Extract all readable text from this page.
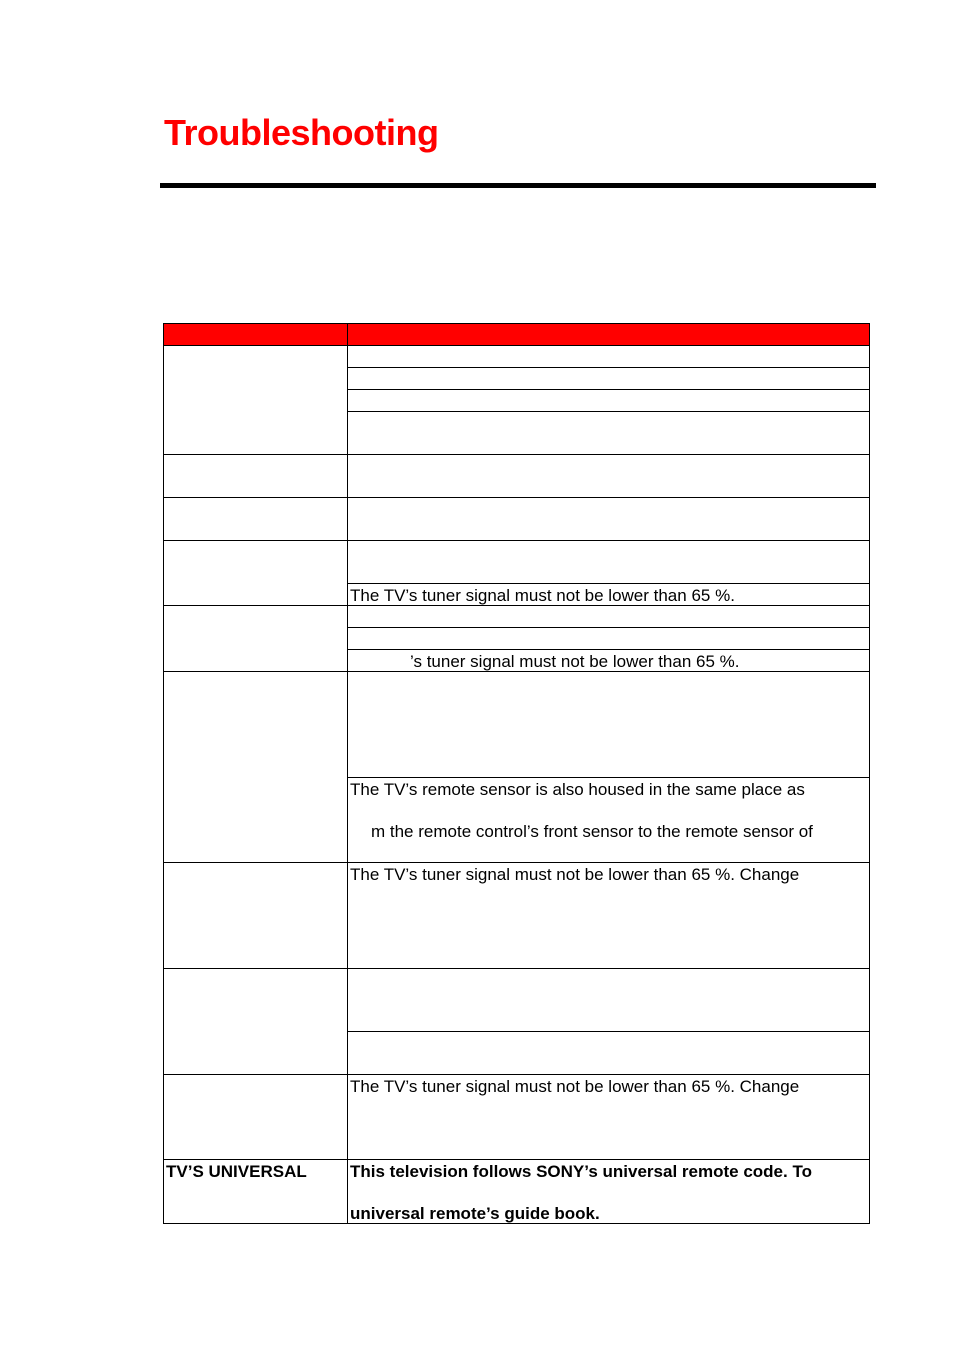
Troubleshooting
The TV’s tuner signal must not be lower than 65 %.
’s tuner signal must not be lower than 65 %.
The TV’s remote sensor is also housed in the same place as
m the remote control’s front sensor to the remote sensor of
The TV’s tuner signal must not be lower than 65 %. Change
The TV’s tuner signal must not be lower than 65 %. Change
TV’S UNIVERSAL	This television follows SONY’s universal remote code. To
universal remote’s guide book.
